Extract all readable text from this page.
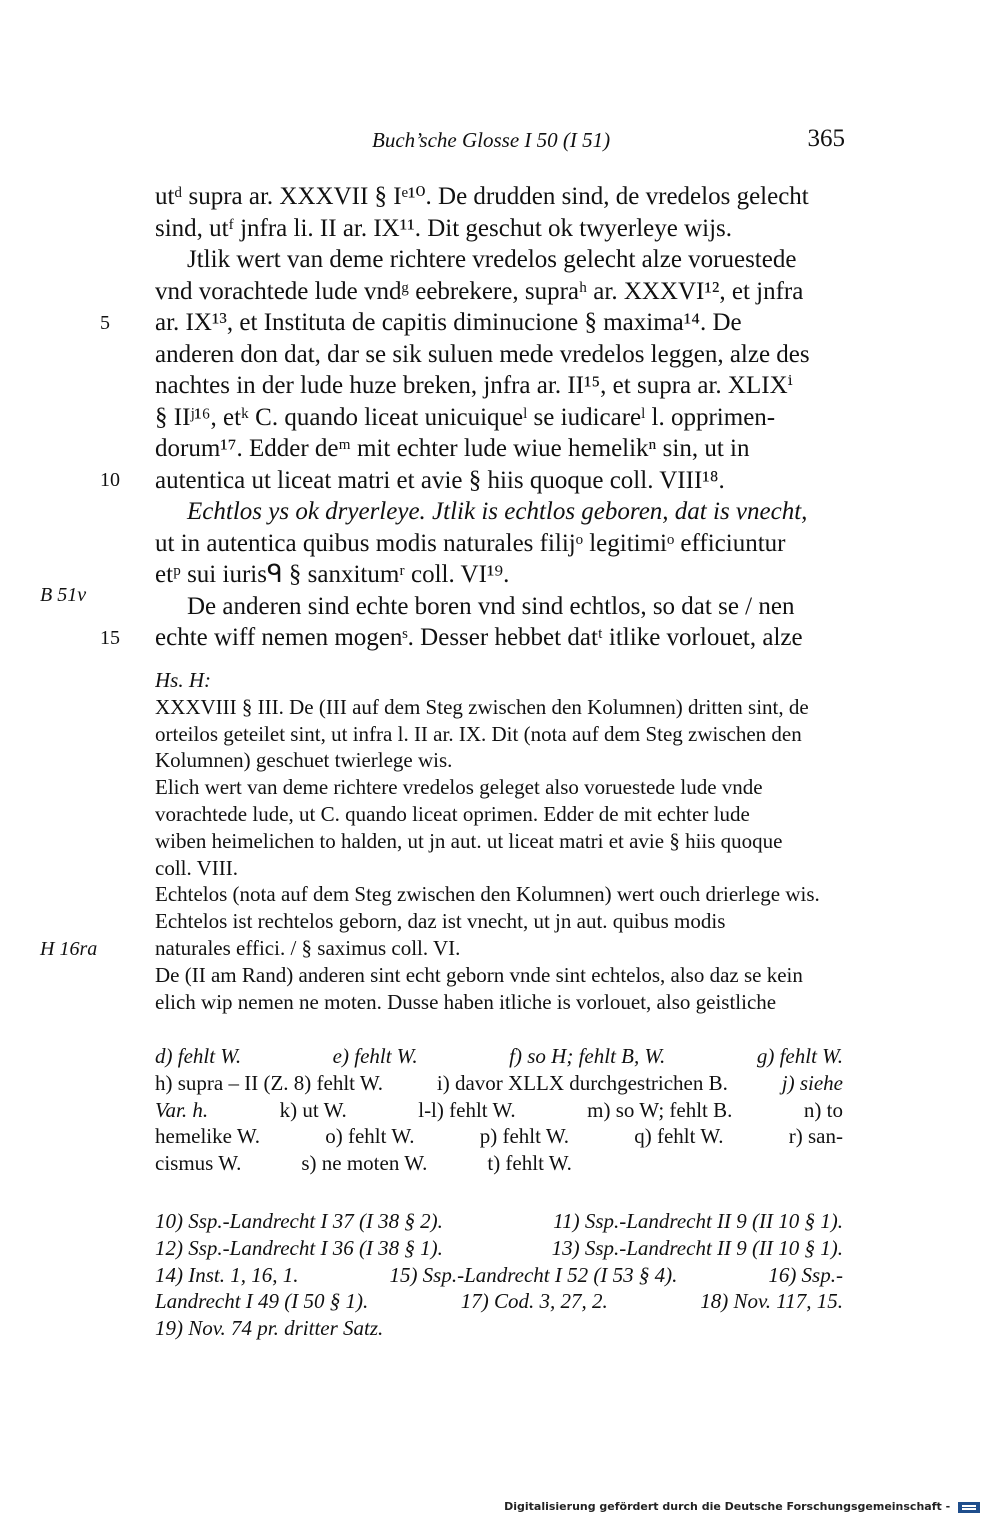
Buch’sche Glosse I 50 (I 51)	365
utᵈ supra ar. XXXVII § Iᵉ¹⁰. De drudden sind, de vredelos gelecht
sind, utᶠ jnfra li. II ar. IX¹¹. Dit geschut ok twyerleye wijs.
Jtlik wert van deme richtere vredelos gelecht alze voruestede
vnd vorachtede lude vndᵍ eebrekere, supraʰ ar. XXXVI¹², et jnfra
ar. IX¹³, et Instituta de capitis diminucione § maxima¹⁴. De
anderen don dat, dar se sik suluen mede vredelos leggen, alze des
nachtes in der lude huze breken, jnfra ar. II¹⁵, et supra ar. XLIXⁱ
§ IIʲ¹⁶, etᵏ C. quando liceat unicuiqueˡ se iudicareˡ l. opprimen-
dorum¹⁷. Edder deᵐ mit echter lude wiue hemelikⁿ sin, ut in
autentica ut liceat matri et avie § hiis quoque coll. VIII¹⁸.
Echtlos ys ok dryerleye. Jtlik is echtlos geboren, dat is vnecht,
ut in autentica quibus modis naturales filijᵒ legitimiᵒ efficiuntur
etᵖ sui iurisᑫ § sanxitumʳ coll. VI¹⁹.
De anderen sind echte boren vnd sind echtlos, so dat se / nen
echte wiff nemen mogenˢ. Desser hebbet datᵗ itlike vorlouet, alze
5
10
15
B 51v
H 16ra
Hs. H:
XXXVIII § III. De (III auf dem Steg zwischen den Kolumnen) dritten sint, de
orteilos geteilet sint, ut infra l. II ar. IX. Dit (nota auf dem Steg zwischen den
Kolumnen) geschuet twierlege wis.
Elich wert van deme richtere vredelos geleget also voruestede lude vnde
vorachtede lude, ut C. quando liceat oprimen. Edder de mit echter lude
wiben heimelichen to halden, ut jn aut. ut liceat matri et avie § hiis quoque
coll. VIII.
Echtelos (nota auf dem Steg zwischen den Kolumnen) wert ouch drierlege wis.
Echtelos ist rechtelos geborn, daz ist vnecht, ut jn aut. quibus modis
naturales effici. / § saximus coll. VI.
De (II am Rand) anderen sint echt geborn vnde sint echtelos, also daz se kein
elich wip nemen ne moten. Dusse haben itliche is vorlouet, also geistliche
d) fehlt W.	e) fehlt W.	f) so H; fehlt B, W.	g) fehlt W.
h) supra – II (Z. 8) fehlt W.	i) davor XLLX durchgestrichen B.	j) siehe
Var. h.	k) ut W.	l-l) fehlt W.	m) so W; fehlt B.	n) to
hemelike W.	o) fehlt W.	p) fehlt W.	q) fehlt W.	r) san-
cismus W.	s) ne moten W.	t) fehlt W.
10) Ssp.-Landrecht I 37 (I 38 § 2).	11) Ssp.-Landrecht II 9 (II 10 § 1).
12) Ssp.-Landrecht I 36 (I 38 § 1).	13) Ssp.-Landrecht II 9 (II 10 § 1).
14) Inst. 1, 16, 1.	15) Ssp.-Landrecht I 52 (I 53 § 4).	16) Ssp.-
Landrecht I 49 (I 50 § 1).	17) Cod. 3, 27, 2.	18) Nov. 117, 15.
19) Nov. 74 pr. dritter Satz.
Digitalisierung gefördert durch die Deutsche Forschungsgemeinschaft -
